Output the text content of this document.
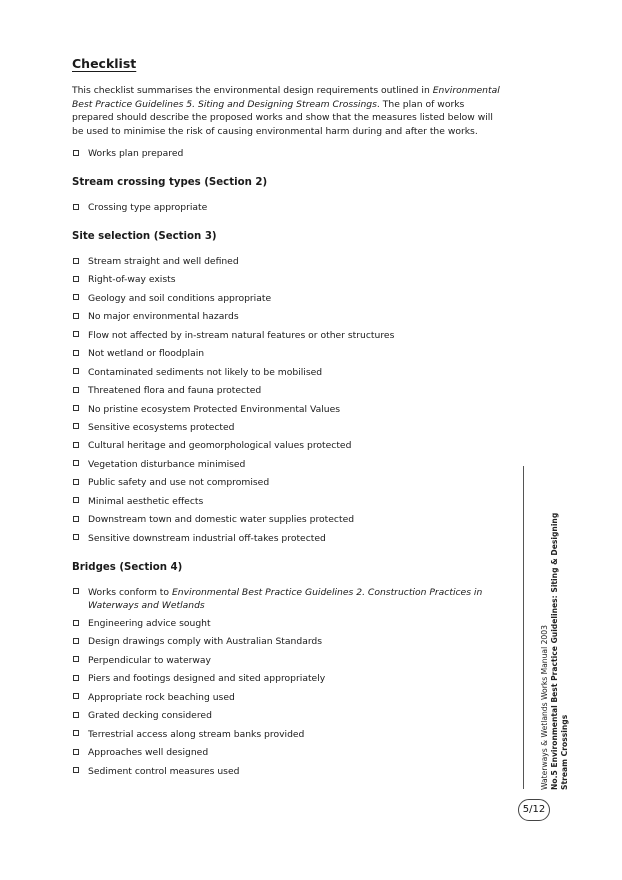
Checklist

This checklist summarises the environmental design requirements outlined in Environmental Best Practice Guidelines 5. Siting and Designing Stream Crossings. The plan of works prepared should describe the proposed works and show that the measures listed below will be used to minimise the risk of causing environmental harm during and after the works.

Works plan prepared
Stream crossing types (Section 2)
Crossing type appropriate
Site selection (Section 3)
Stream straight and well defined
Right-of-way exists
Geology and soil conditions appropriate
No major environmental hazards
Flow not affected by in-stream natural features or other structures
Not wetland or floodplain
Contaminated sediments not likely to be mobilised
Threatened flora and fauna protected
No pristine ecosystem Protected Environmental Values
Sensitive ecosystems protected
Cultural heritage and geomorphological values protected
Vegetation disturbance minimised
Public safety and use not compromised
Minimal aesthetic effects
Downstream town and domestic water supplies protected
Sensitive downstream industrial off-takes protected
Bridges (Section 4)
Works conform to Environmental Best Practice Guidelines 2. Construction Practices in Waterways and Wetlands
Engineering advice sought
Design drawings comply with Australian Standards
Perpendicular to waterway
Piers and footings designed and sited appropriately
Appropriate rock beaching used
Grated decking considered
Terrestrial access along stream banks provided
Approaches well designed
Sediment control measures used	Waterways & Wetlands Works Manual 2003 No.5 Environmental Best Practice Guidelines: Siting & Designing Stream Crossings
5/12
